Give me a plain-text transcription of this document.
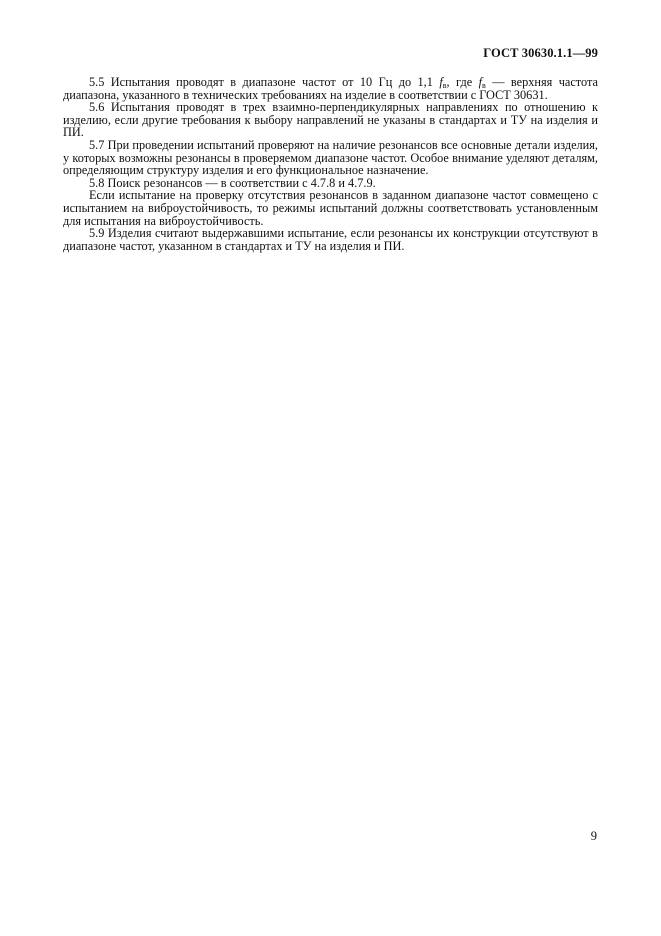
ГОСТ 30630.1.1—99

5.5 Испытания проводят в диапазоне частот от 10 Гц до 1,1 $f_в$, где $f_в$ — верхняя частота диапазона, указанного в технических требованиях на изделие в соответствии с ГОСТ 30631.

5.6 Испытания проводят в трех взаимно-перпендикулярных направлениях по отношению к изделию, если другие требования к выбору направлений не указаны в стандартах и ТУ на изделия и ПИ.

5.7 При проведении испытаний проверяют на наличие резонансов все основные детали изделия, у которых возможны резонансы в проверяемом диапазоне частот. Особое внимание уделяют деталям, определяющим структуру изделия и его функциональное назначение.

5.8 Поиск резонансов — в соответствии с 4.7.8 и 4.7.9.

Если испытание на проверку отсутствия резонансов в заданном диапазоне частот совмещено с испытанием на виброустойчивость, то режимы испытаний должны соответствовать установленным для испытания на виброустойчивость.

5.9 Изделия считают выдержавшими испытание, если резонансы их конструкции отсутствуют в диапазоне частот, указанном в стандартах и ТУ на изделия и ПИ.

9
